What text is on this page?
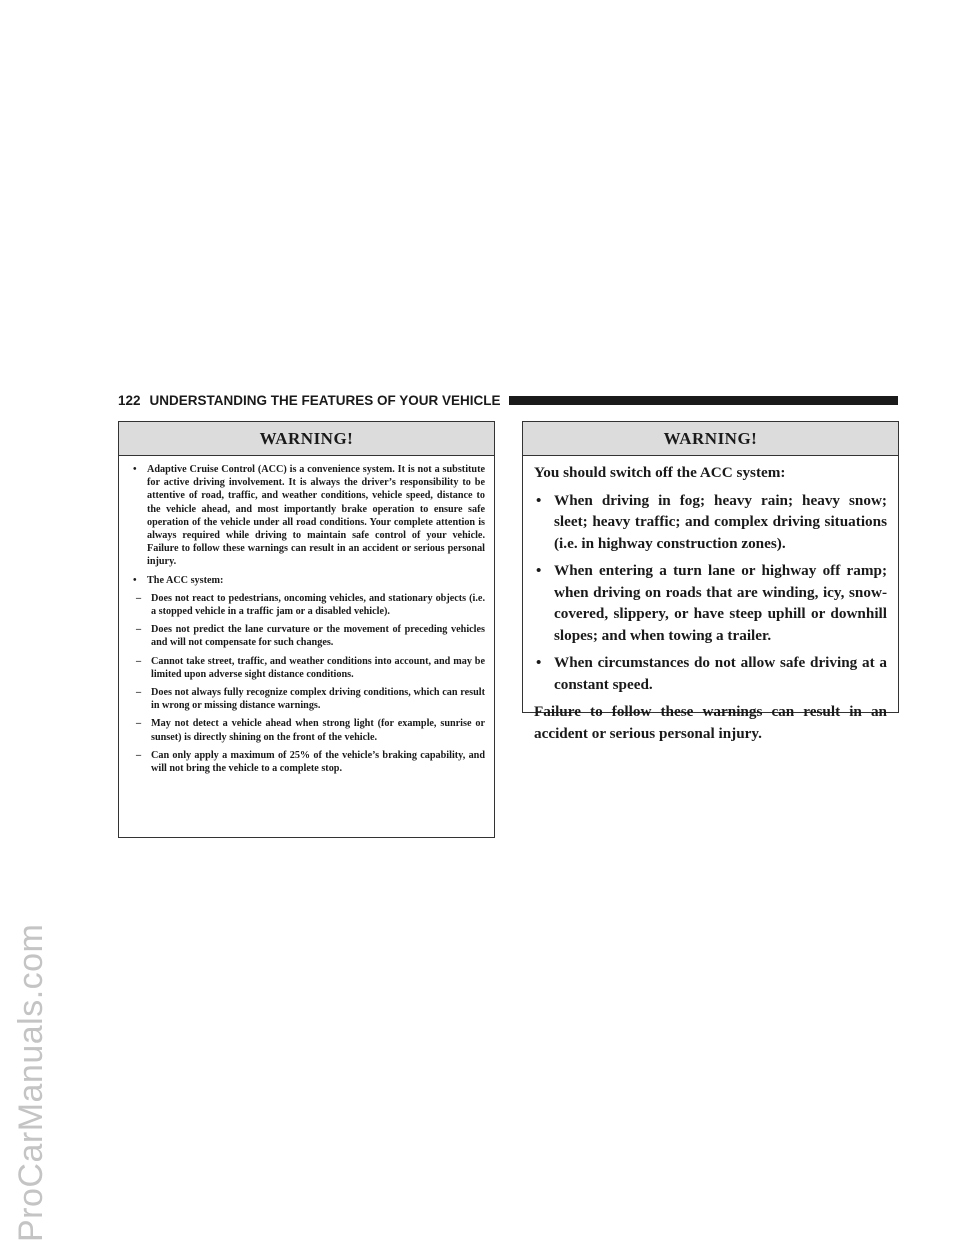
ProCarManuals.com
122 UNDERSTANDING THE FEATURES OF YOUR VEHICLE
WARNING!
• Adaptive Cruise Control (ACC) is a convenience system. It is not a substitute for active driving involvement. It is always the driver’s responsibility to be attentive of road, traffic, and weather conditions, vehicle speed, distance to the vehicle ahead, and most importantly brake operation to ensure safe operation of the vehicle under all road conditions. Your complete attention is always required while driving to maintain safe control of your vehicle. Failure to follow these warnings can result in an accident or serious personal injury.
• The ACC system:
– Does not react to pedestrians, oncoming vehicles, and stationary objects (i.e. a stopped vehicle in a traffic jam or a disabled vehicle).
– Does not predict the lane curvature or the movement of preceding vehicles and will not compensate for such changes.
– Cannot take street, traffic, and weather conditions into account, and may be limited upon adverse sight distance conditions.
– Does not always fully recognize complex driving conditions, which can result in wrong or missing distance warnings.
– May not detect a vehicle ahead when strong light (for example, sunrise or sunset) is directly shining on the front of the vehicle.
– Can only apply a maximum of 25% of the vehicle’s braking capability, and will not bring the vehicle to a complete stop.
WARNING!
You should switch off the ACC system:
• When driving in fog; heavy rain; heavy snow; sleet; heavy traffic; and complex driving situations (i.e. in highway construction zones).
• When entering a turn lane or highway off ramp; when driving on roads that are winding, icy, snow-covered, slippery, or have steep uphill or downhill slopes; and when towing a trailer.
• When circumstances do not allow safe driving at a constant speed.
Failure to follow these warnings can result in an accident or serious personal injury.
